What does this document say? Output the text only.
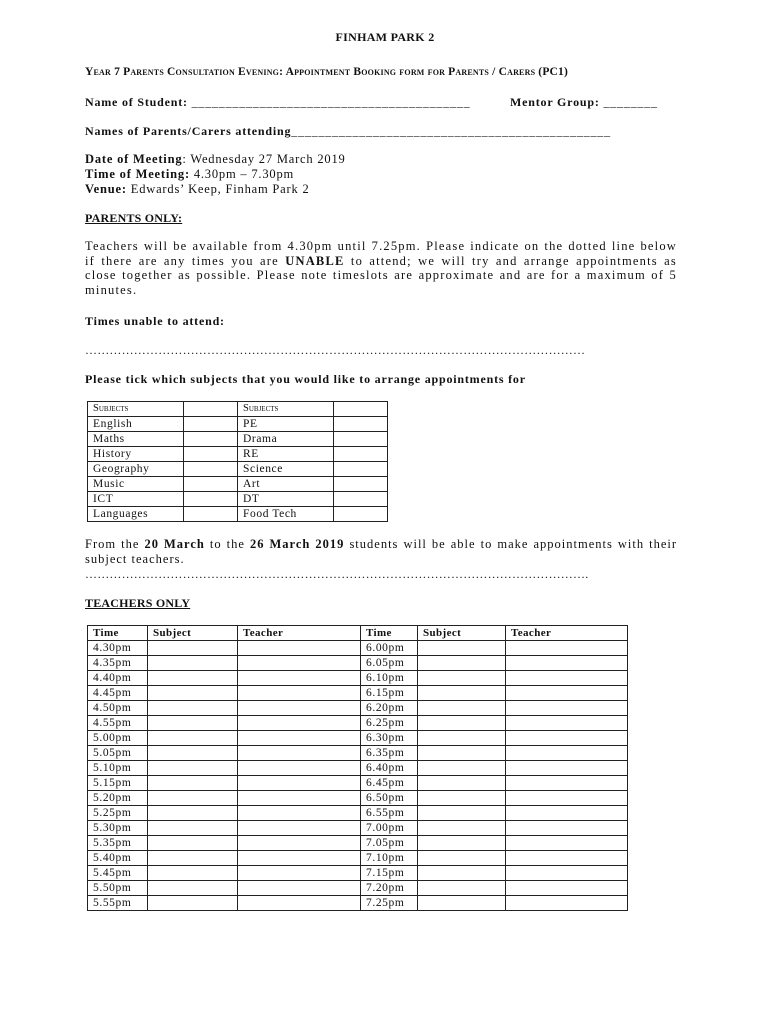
FINHAM PARK 2
Year 7 Parents Consultation Evening: Appointment Booking form for Parents / Carers (PC1)
Name of Student: _________________________________________	Mentor Group: ________
Names of Parents/Carers attending_______________________________________________
Date of Meeting: Wednesday 27 March 2019
Time of Meeting: 4.30pm – 7.30pm
Venue: Edwards’ Keep, Finham Park 2
PARENTS ONLY:
Teachers will be available from 4.30pm until 7.25pm. Please indicate on the dotted line below if there are any times you are UNABLE to attend; we will try and arrange appointments as close together as possible. Please note timeslots are approximate and are for a maximum of 5 minutes.
Times unable to attend:
……………………………………………………………………………………………………………
Please tick which subjects that you would like to arrange appointments for
Subjects		Subjects	
English		PE	
Maths		Drama	
History		RE	
Geography		Science	
Music		Art	
ICT		DT	
Languages		Food Tech	
From the 20 March to the 26 March 2019 students will be able to make appointments with their subject teachers.
…………………………………………………………………………………………………………….
TEACHERS ONLY
Time	Subject	Teacher	Time	Subject	Teacher
4.30pm			6.00pm		
4.35pm			6.05pm		
4.40pm			6.10pm		
4.45pm			6.15pm		
4.50pm			6.20pm		
4.55pm			6.25pm		
5.00pm			6.30pm		
5.05pm			6.35pm		
5.10pm			6.40pm		
5.15pm			6.45pm		
5.20pm			6.50pm		
5.25pm			6.55pm		
5.30pm			7.00pm		
5.35pm			7.05pm		
5.40pm			7.10pm		
5.45pm			7.15pm		
5.50pm			7.20pm		
5.55pm			7.25pm		
